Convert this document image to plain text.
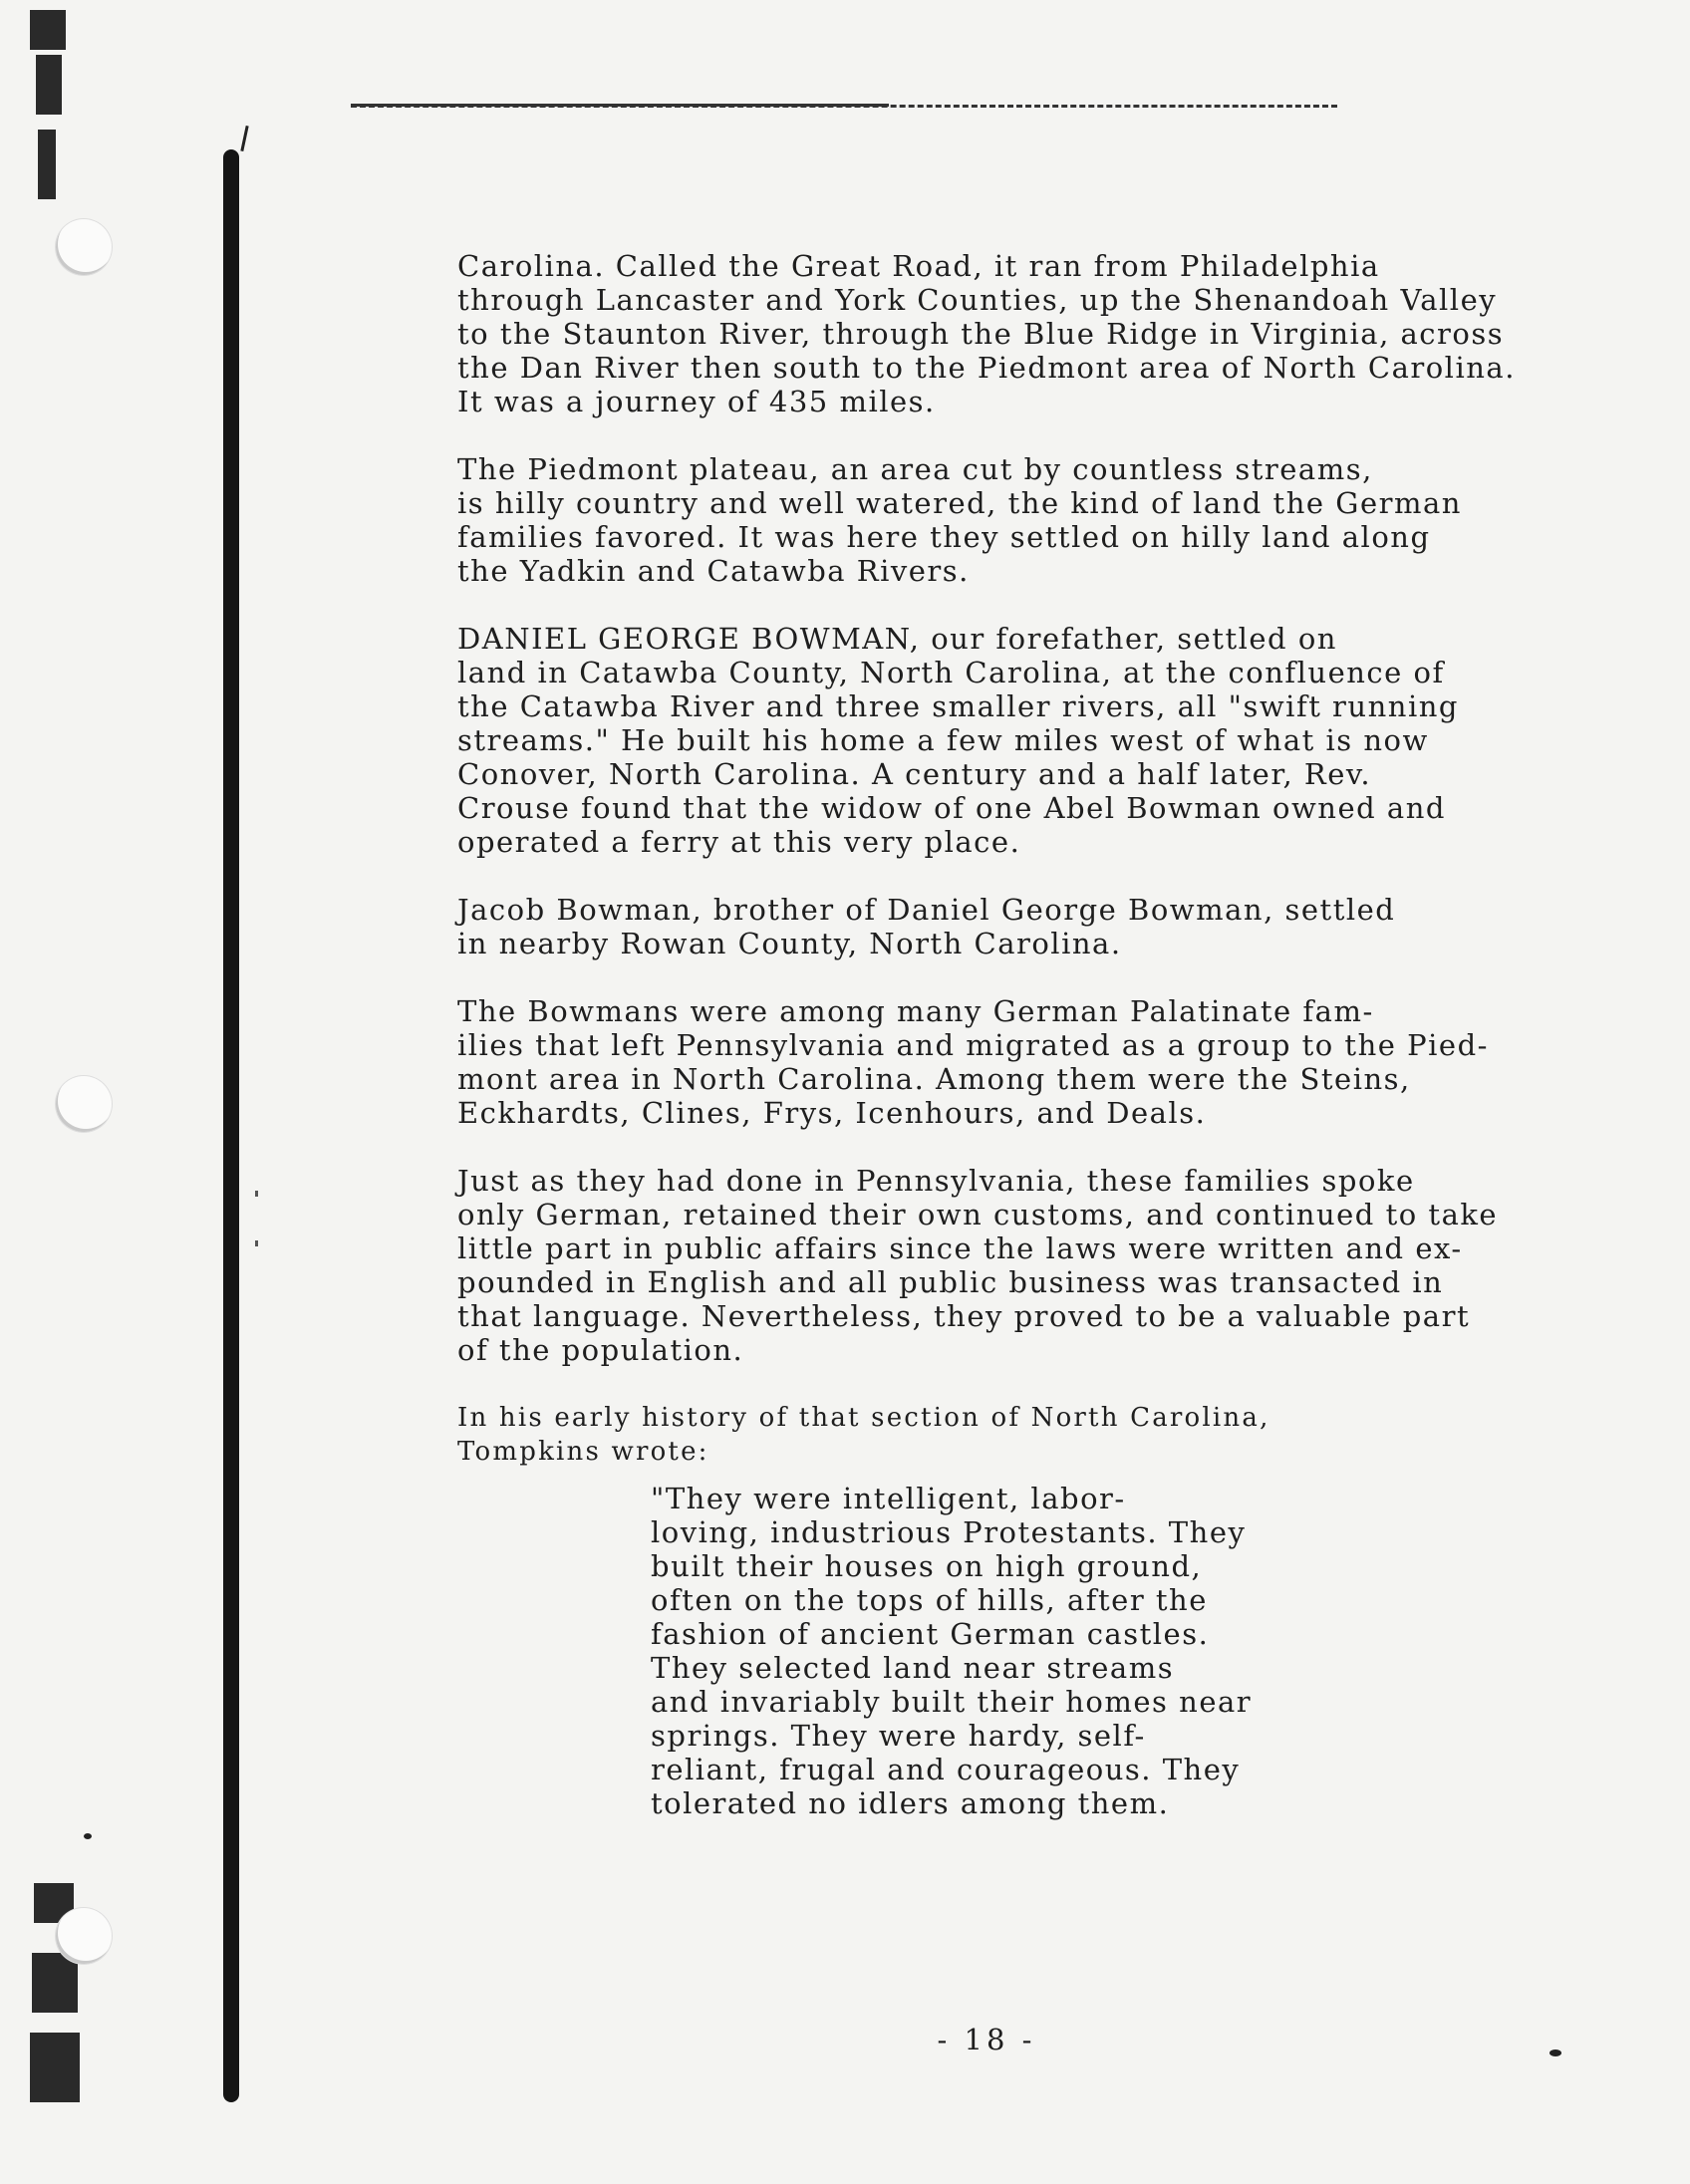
Carolina. Called the Great Road, it ran from Philadelphia
through Lancaster and York Counties, up the Shenandoah Valley
to the Staunton River, through the Blue Ridge in Virginia, across
the Dan River then south to the Piedmont area of North Carolina.
It was a journey of 435 miles.

The Piedmont plateau, an area cut by countless streams,
is hilly country and well watered, the kind of land the German
families favored. It was here they settled on hilly land along
the Yadkin and Catawba Rivers.

DANIEL GEORGE BOWMAN, our forefather, settled on
land in Catawba County, North Carolina, at the confluence of
the Catawba River and three smaller rivers, all "swift running
streams." He built his home a few miles west of what is now
Conover, North Carolina. A century and a half later, Rev.
Crouse found that the widow of one Abel Bowman owned and
operated a ferry at this very place.

Jacob Bowman, brother of Daniel George Bowman, settled
in nearby Rowan County, North Carolina.

The Bowmans were among many German Palatinate fam-
ilies that left Pennsylvania and migrated as a group to the Pied-
mont area in North Carolina. Among them were the Steins,
Eckhardts, Clines, Frys, Icenhours, and Deals.

Just as they had done in Pennsylvania, these families spoke
only German, retained their own customs, and continued to take
little part in public affairs since the laws were written and ex-
pounded in English and all public business was transacted in
that language. Nevertheless, they proved to be a valuable part
of the population.

In his early history of that section of North Carolina,
Tompkins wrote:

"They were intelligent, labor-
loving, industrious Protestants. They
built their houses on high ground,
often on the tops of hills, after the
fashion of ancient German castles.
They selected land near streams
and invariably built their homes near
springs. They were hardy, self-
reliant, frugal and courageous. They
tolerated no idlers among them.

- 18 -
